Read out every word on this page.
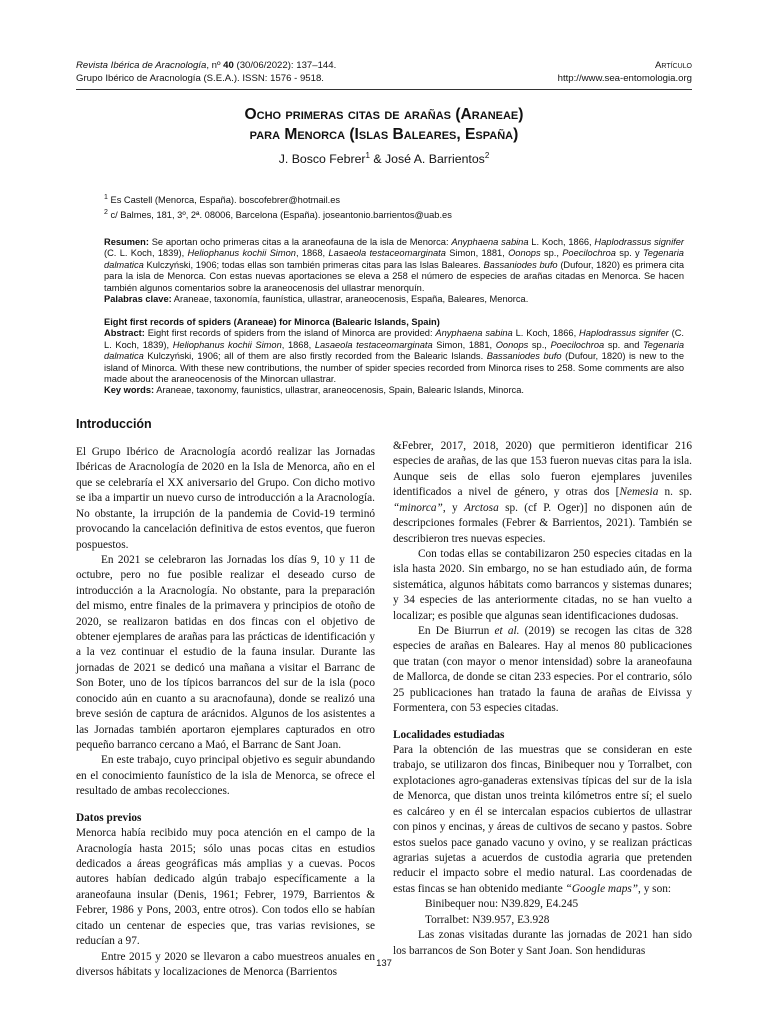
Revista Ibérica de Aracnología, nº 40 (30/06/2022): 137–144.
Grupo Ibérico de Aracnología (S.E.A.). ISSN: 1576 - 9518.
Artículo
http://www.sea-entomologia.org
Ocho primeras citas de arañas (Araneae)
para Menorca (Islas Baleares, España)
J. Bosco Febrer$^1$ & José A. Barrientos$^2$
$^1$ Es Castell (Menorca, España). boscofebrer@hotmail.es
$^2$ c/ Balmes, 181, 3º, 2ª. 08006, Barcelona (España). joseantonio.barrientos@uab.es

Resumen: Se aportan ocho primeras citas a la araneofauna de la isla de Menorca: Anyphaena sabina L. Koch, 1866, Haplodrassus signifer (C. L. Koch, 1839), Heliophanus kochii Simon, 1868, Lasaeola testaceomarginata Simon, 1881, Oonops sp., Poecilochroa sp. y Tegenaria dalmatica Kulczyński, 1906; todas ellas son también primeras citas para las Islas Baleares. Bassaniodes bufo (Dufour, 1820) es primera cita para la isla de Menorca. Con estas nuevas aportaciones se eleva a 258 el número de especies de arañas citadas en Menorca. Se hacen también algunos comentarios sobre la araneocenosis del ullastrar menorquín.

Palabras clave: Araneae, taxonomía, faunística, ullastrar, araneocenosis, España, Baleares, Menorca.

Eight first records of spiders (Araneae) for Minorca (Balearic Islands, Spain)

Abstract: Eight first records of spiders from the island of Minorca are provided: Anyphaena sabina L. Koch, 1866, Haplodrassus signifer (C. L. Koch, 1839), Heliophanus kochii Simon, 1868, Lasaeola testaceomarginata Simon, 1881, Oonops sp., Poecilochroa sp. and Tegenaria dalmatica Kulczyński, 1906; all of them are also firstly recorded from the Balearic Islands. Bassaniodes bufo (Dufour, 1820) is new to the island of Minorca. With these new contributions, the number of spider species recorded from Minorca rises to 258. Some comments are also made about the araneocenosis of the Minorcan ullastrar.

Key words: Araneae, taxonomy, faunistics, ullastrar, araneocenosis, Spain, Balearic Islands, Minorca.

Introducción

El Grupo Ibérico de Aracnología acordó realizar las Jornadas Ibéricas de Aracnología de 2020 en la Isla de Menorca, año en el que se celebraría el XX aniversario del Grupo. Con dicho motivo se iba a impartir un nuevo curso de introducción a la Aracnología. No obstante, la irrupción de la pandemia de Covid-19 terminó provocando la cancelación definitiva de estos eventos, que fueron pospuestos.

En 2021 se celebraron las Jornadas los días 9, 10 y 11 de octubre, pero no fue posible realizar el deseado curso de introducción a la Aracnología. No obstante, para la preparación del mismo, entre finales de la primavera y principios de otoño de 2020, se realizaron batidas en dos fincas con el objetivo de obtener ejemplares de arañas para las prácticas de identificación y a la vez continuar el estudio de la fauna insular. Durante las jornadas de 2021 se dedicó una mañana a visitar el Barranc de Son Boter, uno de los típicos barrancos del sur de la isla (poco conocido aún en cuanto a su aracnofauna), donde se realizó una breve sesión de captura de arácnidos. Algunos de los asistentes a las Jornadas también aportaron ejemplares capturados en otro pequeño barranco cercano a Maó, el Barranc de Sant Joan.

En este trabajo, cuyo principal objetivo es seguir abundando en el conocimiento faunístico de la isla de Menorca, se ofrece el resultado de ambas recolecciones.

Datos previos

Menorca había recibido muy poca atención en el campo de la Aracnología hasta 2015; sólo unas pocas citas en estudios dedicados a áreas geográficas más amplias y a cuevas. Pocos autores habían dedicado algún trabajo específicamente a la araneofauna insular (Denis, 1961; Febrer, 1979, Barrientos & Febrer, 1986 y Pons, 2003, entre otros). Con todos ello se habían citado un centenar de especies que, tras varias revisiones, se reducían a 97.

Entre 2015 y 2020 se llevaron a cabo muestreos anuales en diversos hábitats y localizaciones de Menorca (Barrientos

&Febrer, 2017, 2018, 2020) que permitieron identificar 216 especies de arañas, de las que 153 fueron nuevas citas para la isla. Aunque seis de ellas solo fueron ejemplares juveniles identificados a nivel de género, y otras dos [Nemesia n. sp. “minorca”, y Arctosa sp. (cf P. Oger)] no disponen aún de descripciones formales (Febrer & Barrientos, 2021). También se describieron tres nuevas especies.

Con todas ellas se contabilizaron 250 especies citadas en la isla hasta 2020. Sin embargo, no se han estudiado aún, de forma sistemática, algunos hábitats como barrancos y sistemas dunares; y 34 especies de las anteriormente citadas, no se han vuelto a localizar; es posible que algunas sean identificaciones dudosas.

En De Biurrun et al. (2019) se recogen las citas de 328 especies de arañas en Baleares. Hay al menos 80 publicaciones que tratan (con mayor o menor intensidad) sobre la araneofauna de Mallorca, de donde se citan 233 especies. Por el contrario, sólo 25 publicaciones han tratado la fauna de arañas de Eivissa y Formentera, con 53 especies citadas.

Localidades estudiadas

Para la obtención de las muestras que se consideran en este trabajo, se utilizaron dos fincas, Binibequer nou y Torralbet, con explotaciones agro-ganaderas extensivas típicas del sur de la isla de Menorca, que distan unos treinta kilómetros entre sí; el suelo es calcáreo y en él se intercalan espacios cubiertos de ullastrar con pinos y encinas, y áreas de cultivos de secano y pastos. Sobre estos suelos pace ganado vacuno y ovino, y se realizan prácticas agrarias sujetas a acuerdos de custodia agraria que pretenden reducir el impacto sobre el medio natural. Las coordenadas de estas fincas se han obtenido mediante “Google maps”, y son:

Binibequer nou: N39.829, E4.245

Torralbet: N39.957, E3.928

Las zonas visitadas durante las jornadas de 2021 han sido los barrancos de Son Boter y Sant Joan. Son hendiduras

137
